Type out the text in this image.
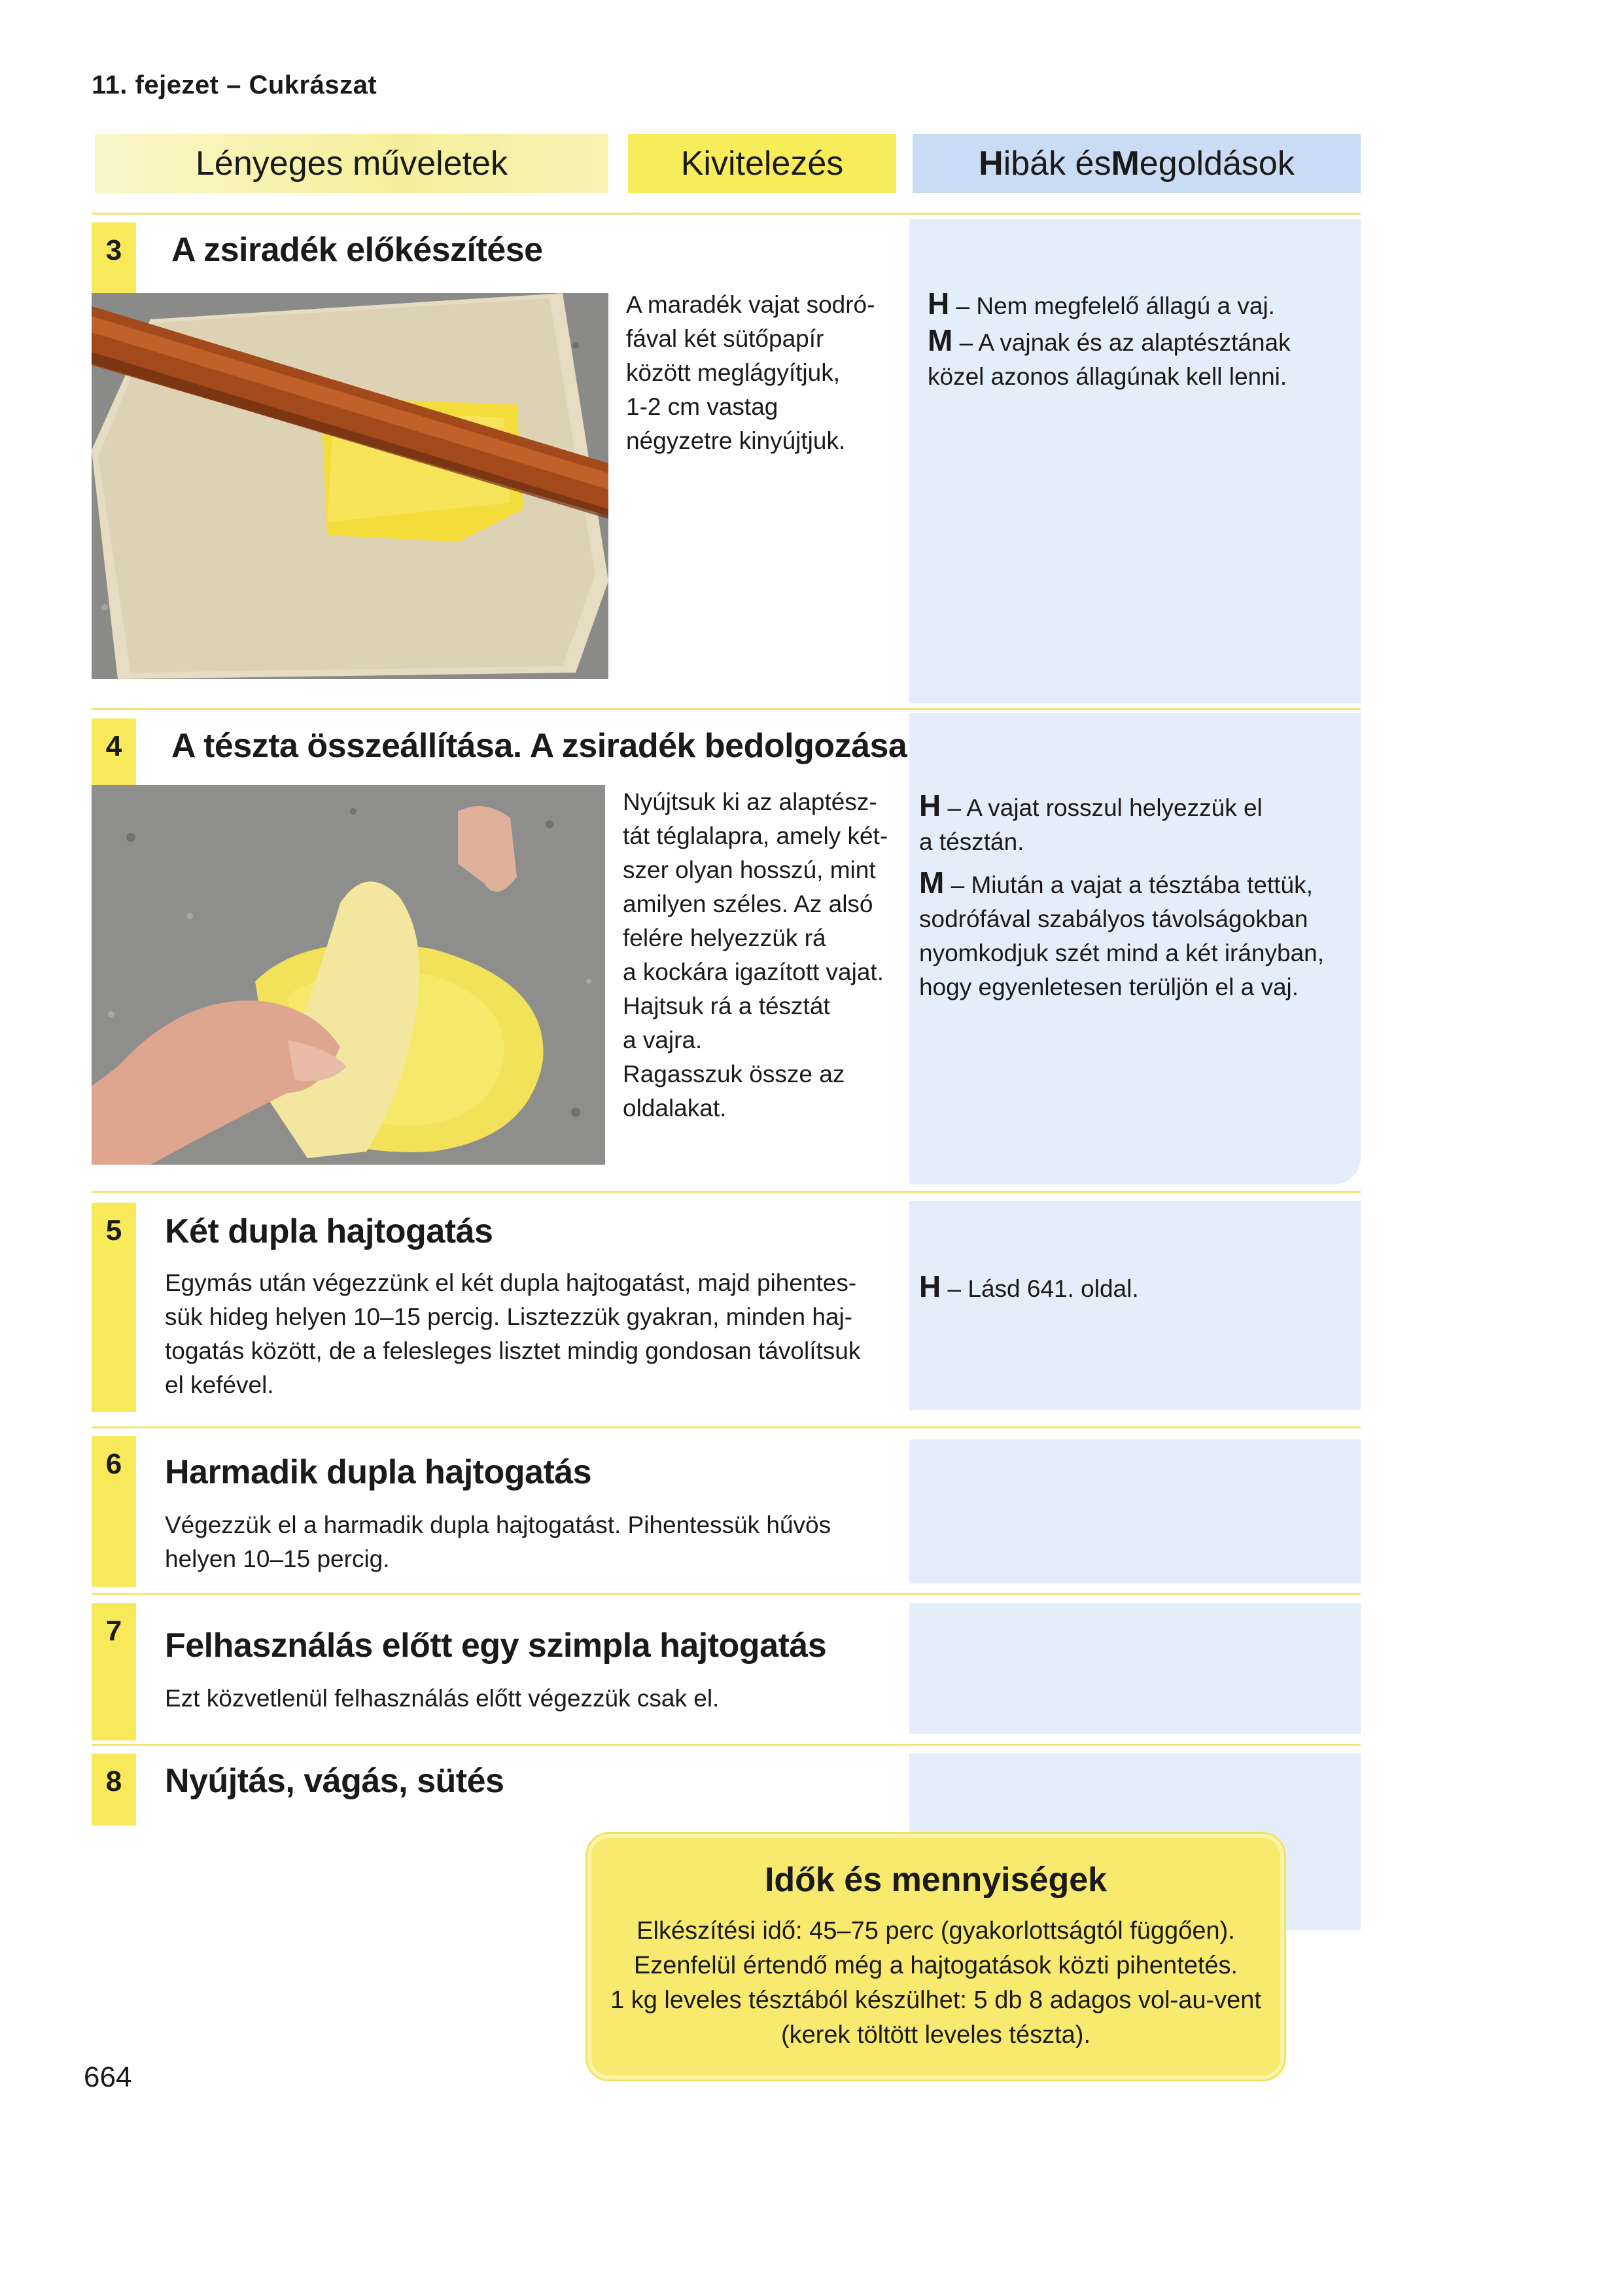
11. fejezet – Cukrászat
Lényeges műveletek	Kivitelezés	H ibák és M egoldások
3	A zsiradék előkészítése
A maradék vajat sodró-
fával két sütőpapír
között meglágyítjuk,
1-2 cm vastag
négyzetre kinyújtjuk.
H – Nem megfelelő állagú a vaj.
M – A vajnak és az alaptésztának
közel azonos állagúnak kell lenni.
4	A tészta összeállítása. A zsiradék bedolgozása
Nyújtsuk ki az alaptész-
tát téglalapra, amely két-
szer olyan hosszú, mint
amilyen széles. Az alsó
felére helyezzük rá
a kockára igazított vajat.
Hajtsuk rá a tésztát
a vajra.
Ragasszuk össze az
oldalakat.
H – A vajat rosszul helyezzük el
a tésztán.
M – Miután a vajat a tésztába tettük,
sodrófával szabályos távolságokban
nyomkodjuk szét mind a két irányban,
hogy egyenletesen terüljön el a vaj.
5	Két dupla hajtogatás
Egymás után végezzünk el két dupla hajtogatást, majd pihentes-
sük hideg helyen 10–15 percig. Lisztezzük gyakran, minden haj-
togatás között, de a felesleges lisztet mindig gondosan távolítsuk
el kefével.
H – Lásd 641. oldal.
6	Harmadik dupla hajtogatás
Végezzük el a harmadik dupla hajtogatást. Pihentessük hűvös
helyen 10–15 percig.
7	Felhasználás előtt egy szimpla hajtogatás
Ezt közvetlenül felhasználás előtt végezzük csak el.
8	Nyújtás, vágás, sütés
Idők és mennyiségek
Elkészítési idő: 45–75 perc (gyakorlottságtól függően).
Ezenfelül értendő még a hajtogatások közti pihentetés.
1 kg leveles tésztából készülhet: 5 db 8 adagos vol-au-vent
(kerek töltött leveles tészta).
664
